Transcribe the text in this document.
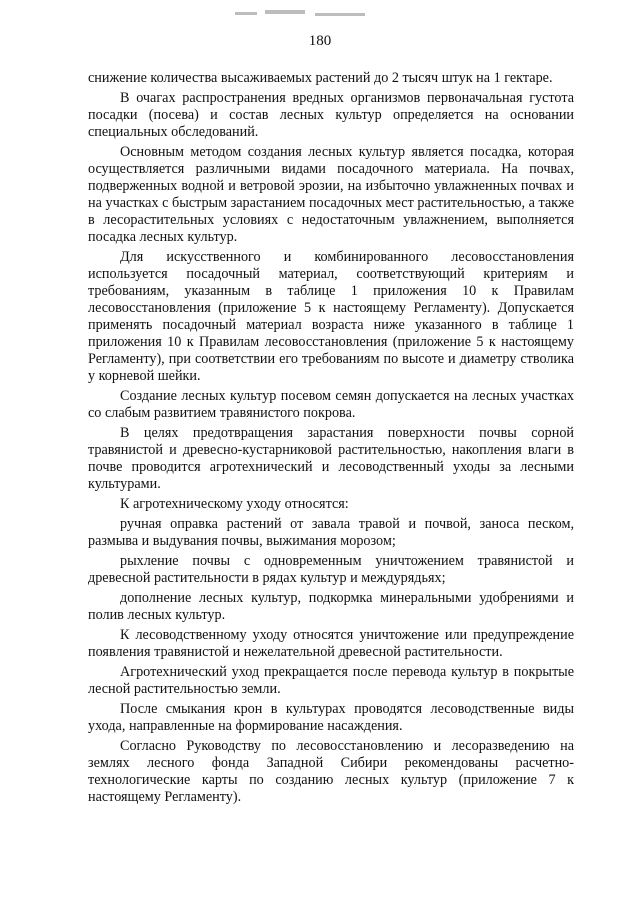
180

снижение количества высаживаемых растений до 2 тысяч штук на 1 гектаре.

В очагах распространения вредных организмов первоначальная густота посадки (посева) и состав лесных культур определяется на основании специальных обследований.

Основным методом создания лесных культур является посадка, которая осуществляется различными видами посадочного материала. На почвах, подверженных водной и ветровой эрозии, на избыточно увлажненных почвах и на участках с быстрым зарастанием посадочных мест растительностью, а также в лесорастительных условиях с недостаточным увлажнением, выполняется посадка лесных культур.

Для искусственного и комбинированного лесовосстановления используется посадочный материал, соответствующий критериям и требованиям, указанным в таблице 1 приложения 10 к Правилам лесовосстановления (приложение 5 к настоящему Регламенту). Допускается применять посадочный материал возраста ниже указанного в таблице 1 приложения 10 к Правилам лесовосстановления (приложение 5 к настоящему Регламенту), при соответствии его требованиям по высоте и диаметру стволика у корневой шейки.

Создание лесных культур посевом семян допускается на лесных участках со слабым развитием травянистого покрова.

В целях предотвращения зарастания поверхности почвы сорной травянистой и древесно-кустарниковой растительностью, накопления влаги в почве проводится агротехнический и лесоводственный уходы за лесными культурами.

К агротехническому уходу относятся:

ручная оправка растений от завала травой и почвой, заноса песком, размыва и выдувания почвы, выжимания морозом;

рыхление почвы с одновременным уничтожением травянистой и древесной растительности в рядах культур и междурядьях;

дополнение лесных культур, подкормка минеральными удобрениями и полив лесных культур.

К лесоводственному уходу относятся уничтожение или предупреждение появления травянистой и нежелательной древесной растительности.

Агротехнический уход прекращается после перевода культур в покрытые лесной растительностью земли.

После смыкания крон в культурах проводятся лесоводственные виды ухода, направленные на формирование насаждения.

Согласно Руководству по лесовосстановлению и лесоразведению на землях лесного фонда Западной Сибири рекомендованы расчетно-технологические карты по созданию лесных культур (приложение 7 к настоящему Регламенту).
